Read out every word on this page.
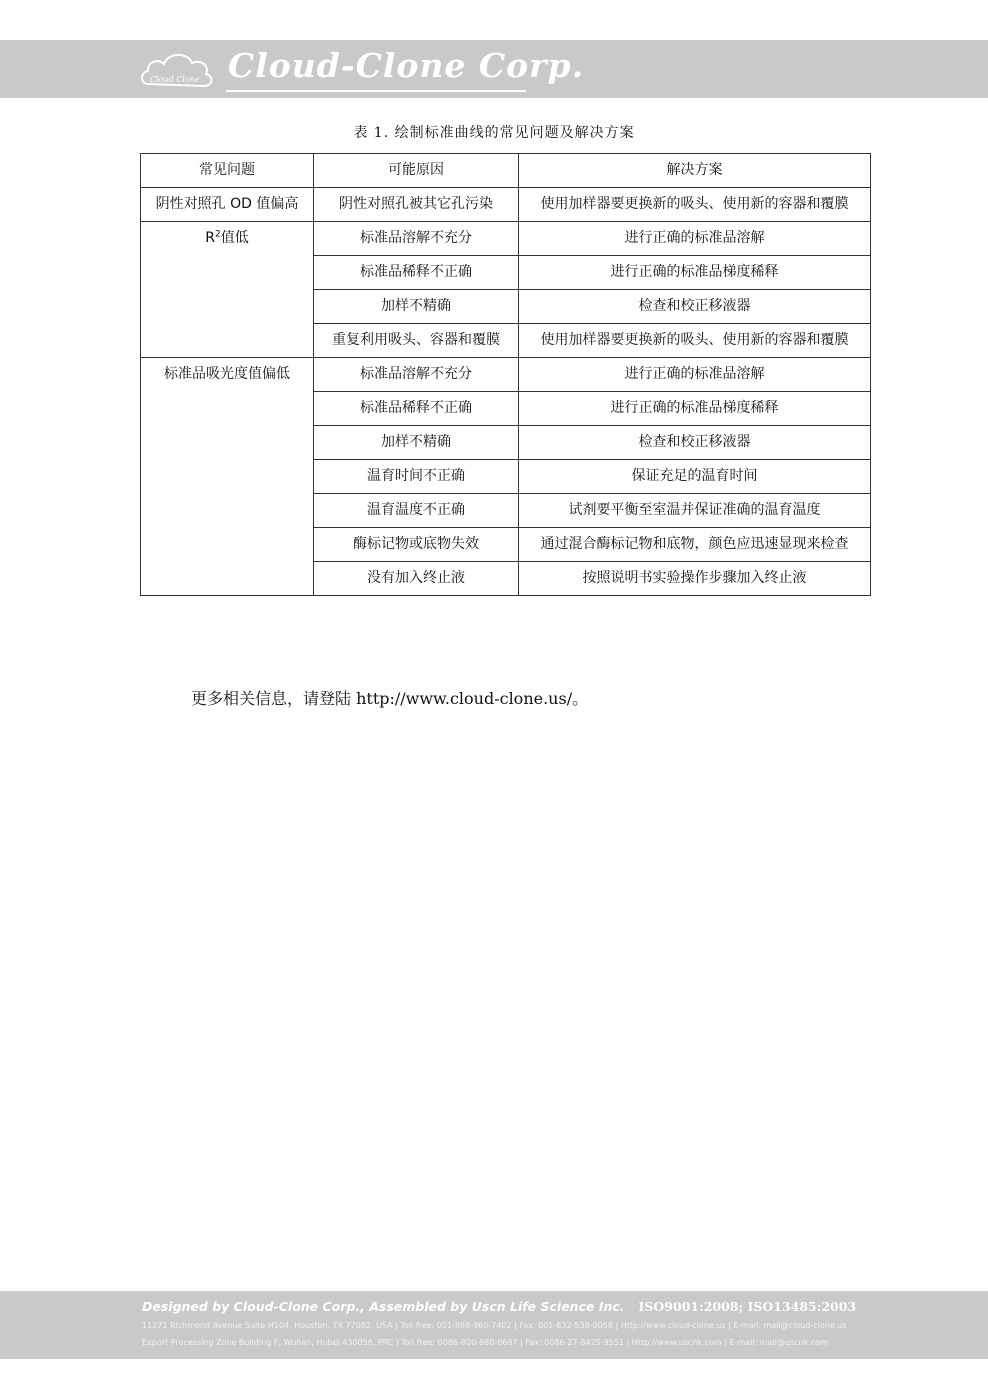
Cloud Clone Cloud-Clone Corp.
表 1. 绘制标准曲线的常见问题及解决方案
常见问题	可能原因	解决方案
阴性对照孔 OD 值偏高	阴性对照孔被其它孔污染	使用加样器要更换新的吸头、使用新的容器和覆膜
$R^2$值低	标准品溶解不充分	进行正确的标准品溶解
	标准品稀释不正确	进行正确的标准品梯度稀释
	加样不精确	检查和校正移液器
	重复利用吸头、容器和覆膜	使用加样器要更换新的吸头、使用新的容器和覆膜
标准品吸光度值偏低	标准品溶解不充分	进行正确的标准品溶解
	标准品稀释不正确	进行正确的标准品梯度稀释
	加样不精确	检查和校正移液器
	温育时间不正确	保证充足的温育时间
	温育温度不正确	试剂要平衡至室温并保证准确的温育温度
	酶标记物或底物失效	通过混合酶标记物和底物，颜色应迅速显现来检查
	没有加入终止液	按照说明书实验操作步骤加入终止液
更多相关信息，请登陆 http://www.cloud-clone.us/。
Designed by Cloud-Clone Corp., Assembled by Uscn Life Science Inc. ISO9001:2008; ISO13485:2003
11271 Richmond Avenue Suite H104, Houston, TX 77082, USA | Toll free: 001-888-960-7402 | Fax: 001-832-538-0058 | Http://www.cloud-clone.us | E-mail: mail@cloud-clone.us
Export Processing Zone Building F, Wuhan, Hubei 430056, PRC | Toll free: 0086-800-880-0687 | Fax: 0086-27-8425-9551 | Http://www.uscnk.com | E-mail: mail@uscnk.com
